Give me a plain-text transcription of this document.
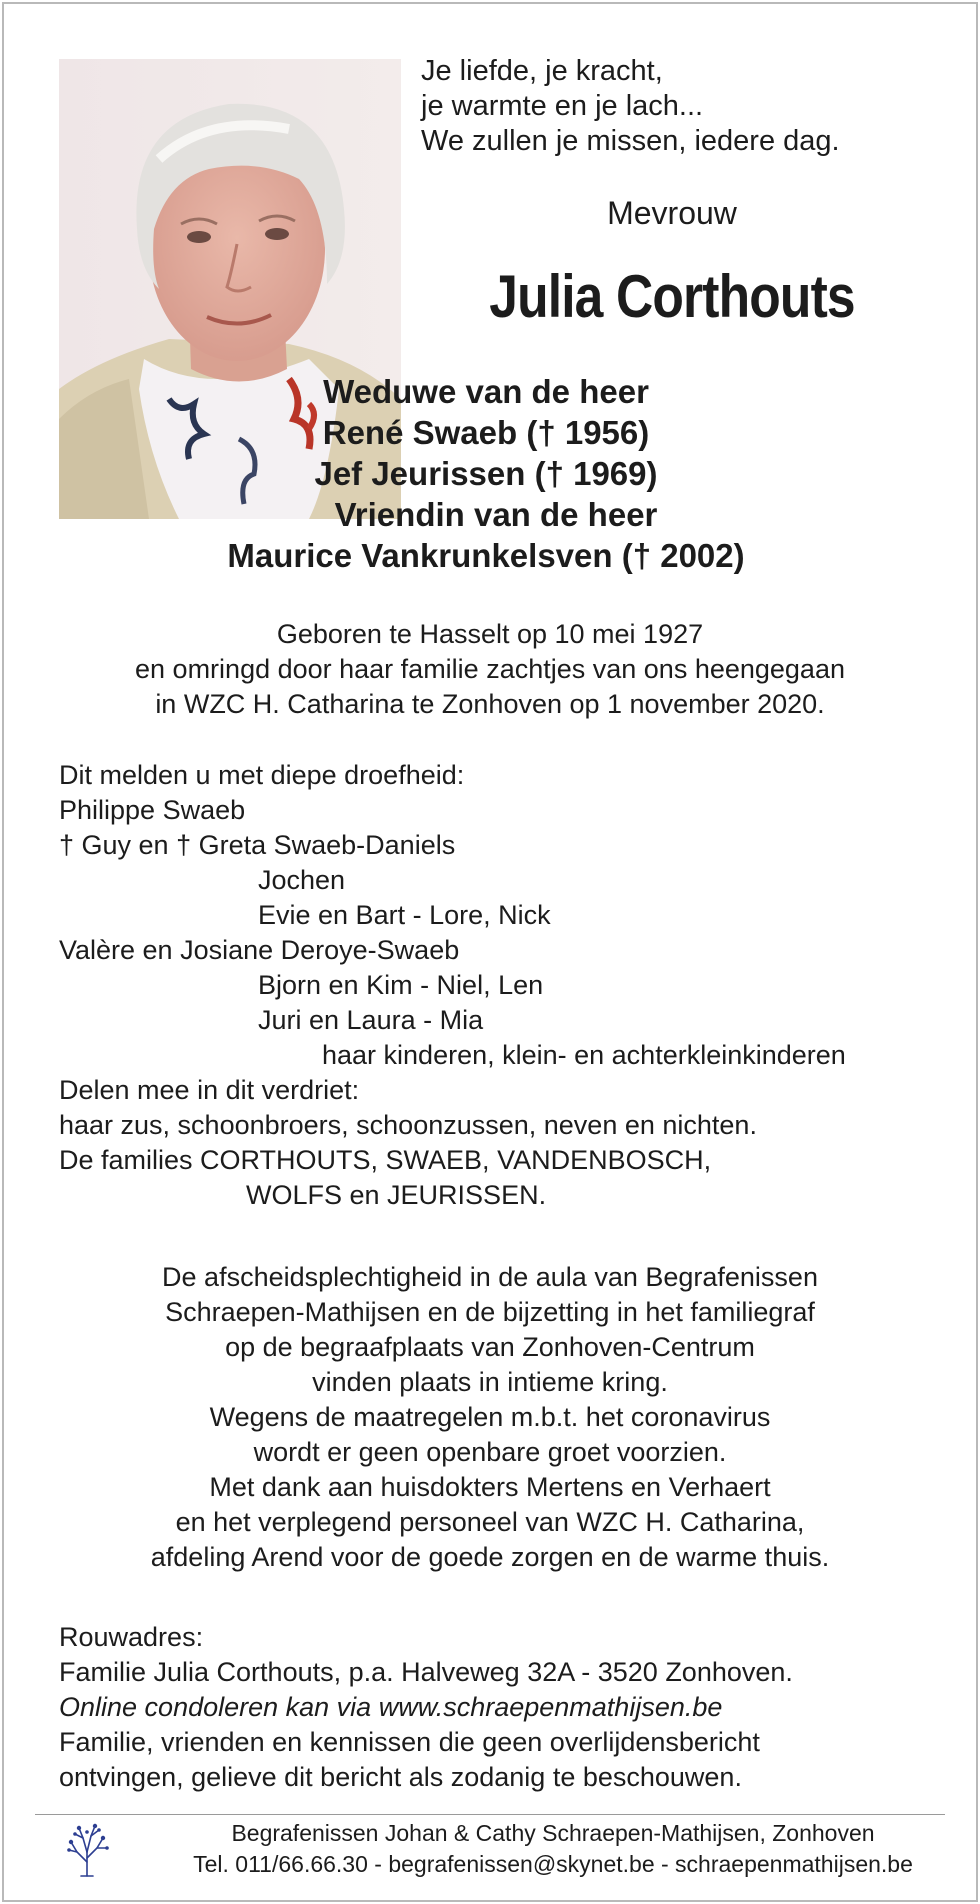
Je liefde, je kracht,

je warmte en je lach...

We zullen je missen, iedere dag.

Mevrouw

Julia Corthouts

Weduwe van de heer

René Swaeb († 1956)

Jef Jeurissen († 1969)

Vriendin van de heer

Maurice Vankrunkelsven († 2002)

Geboren te Hasselt op 10 mei 1927

en omringd door haar familie zachtjes van ons heengegaan

in WZC H. Catharina te Zonhoven op 1 november 2020.

Dit melden u met diepe droefheid:

Philippe Swaeb

† Guy en † Greta Swaeb-Daniels

Jochen

Evie en Bart - Lore, Nick

Valère en Josiane Deroye-Swaeb

Bjorn en Kim - Niel, Len

Juri en Laura - Mia

haar kinderen, klein- en achterkleinkinderen

Delen mee in dit verdriet:

haar zus, schoonbroers, schoonzussen, neven en nichten.

De families CORTHOUTS, SWAEB, VANDENBOSCH,

WOLFS en JEURISSEN.

De afscheidsplechtigheid in de aula van Begrafenissen

Schraepen-Mathijsen en de bijzetting in het familiegraf

op de begraafplaats van Zonhoven-Centrum

vinden plaats in intieme kring.

Wegens de maatregelen m.b.t. het coronavirus

wordt er geen openbare groet voorzien.

Met dank aan huisdokters Mertens en Verhaert

en het verplegend personeel van WZC H. Catharina,

afdeling Arend voor de goede zorgen en de warme thuis.

Rouwadres:

Familie Julia Corthouts, p.a. Halveweg 32A - 3520 Zonhoven.

Online condoleren kan via www.schraepenmathijsen.be

Familie, vrienden en kennissen die geen overlijdensbericht

ontvingen, gelieve dit bericht als zodanig te beschouwen.

Begrafenissen Johan & Cathy Schraepen-Mathijsen, Zonhoven

Tel. 011/66.66.30 - begrafenissen@skynet.be - schraepenmathijsen.be
